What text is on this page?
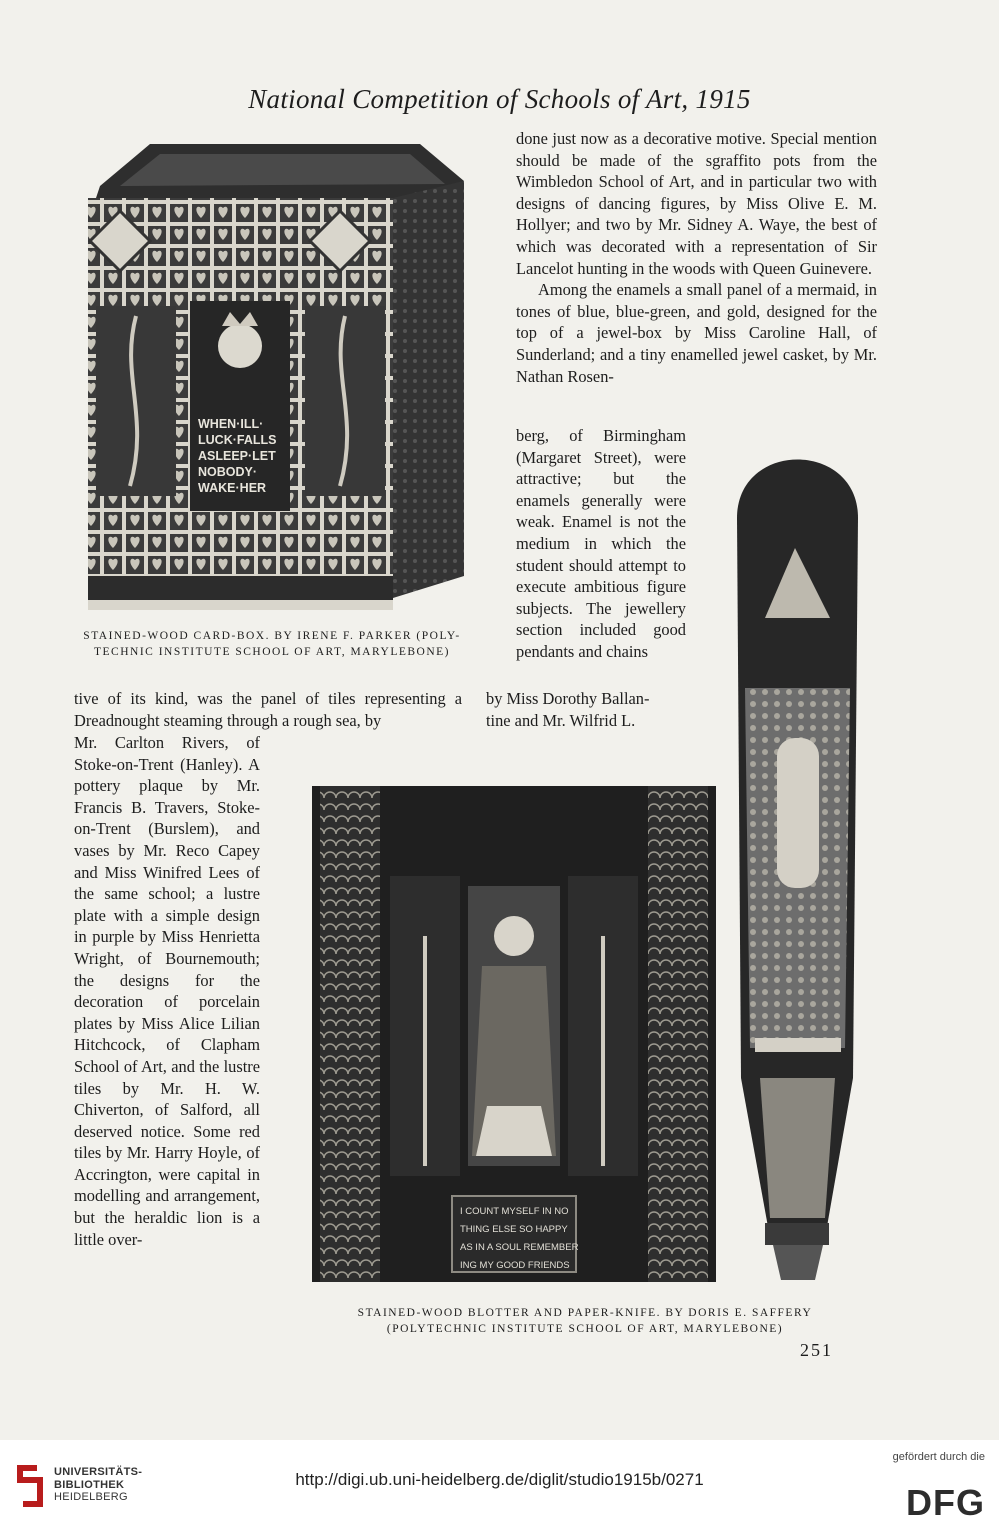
National Competition of Schools of Art, 1915
WHEN·ILL·
LUCK·FALLS
ASLEEP·LET
NOBODY·
WAKE·HER
STAINED-WOOD CARD-BOX. BY IRENE F. PARKER (POLY-
TECHNIC INSTITUTE SCHOOL OF ART, MARYLEBONE)

done just now as a decorative motive. Special mention should be made of the sgraffito pots from the Wimbledon School of Art, and in particular two with designs of dancing figures, by Miss Olive E. M. Hollyer; and two by Mr. Sidney A. Waye, the best of which was decorated with a representation of Sir Lancelot hunting in the woods with Queen Guinevere.

Among the enamels a small panel of a mermaid, in tones of blue, blue-green, and gold, designed for the top of a jewel-box by Miss Caroline Hall, of Sunderland; and a tiny enamelled jewel casket, by Mr. Nathan Rosen-

berg, of Birmingham (Margaret Street), were attractive; but the enamels generally were weak. Enamel is not the medium in which the student should attempt to execute ambitious figure subjects. The jewellery section included good pendants and chains

by Miss Dorothy Ballan-
tine and Mr. Wilfrid L.

tive of its kind, was the panel of tiles representing a Dreadnought steaming through a rough sea, by

Mr. Carlton Rivers, of Stoke-on-Trent (Hanley). A pottery plaque by Mr. Francis B. Travers, Stoke-on-Trent (Burslem), and vases by Mr. Reco Capey and Miss Winifred Lees of the same school; a lustre plate with a simple design in purple by Miss Henrietta Wright, of Bournemouth; the designs for the decoration of porcelain plates by Miss Alice Lilian Hitchcock, of Clapham School of Art, and the lustre tiles by Mr. H. W. Chiverton, of Salford, all deserved notice. Some red tiles by Mr. Harry Hoyle, of Accrington, were capital in modelling and arrangement, but the heraldic lion is a little over-

I COUNT MYSELF IN NO
THING ELSE SO HAPPY
AS IN A SOUL REMEMBER
ING MY GOOD FRIENDS
STAINED-WOOD BLOTTER AND PAPER-KNIFE. BY DORIS E. SAFFERY
(POLYTECHNIC INSTITUTE SCHOOL OF ART, MARYLEBONE)
251
UNIVERSITÄTS-
BIBLIOTHEK
HEIDELBERG
http://digi.ub.uni-heidelberg.de/diglit/studio1915b/0271
gefördert durch die
DFG
